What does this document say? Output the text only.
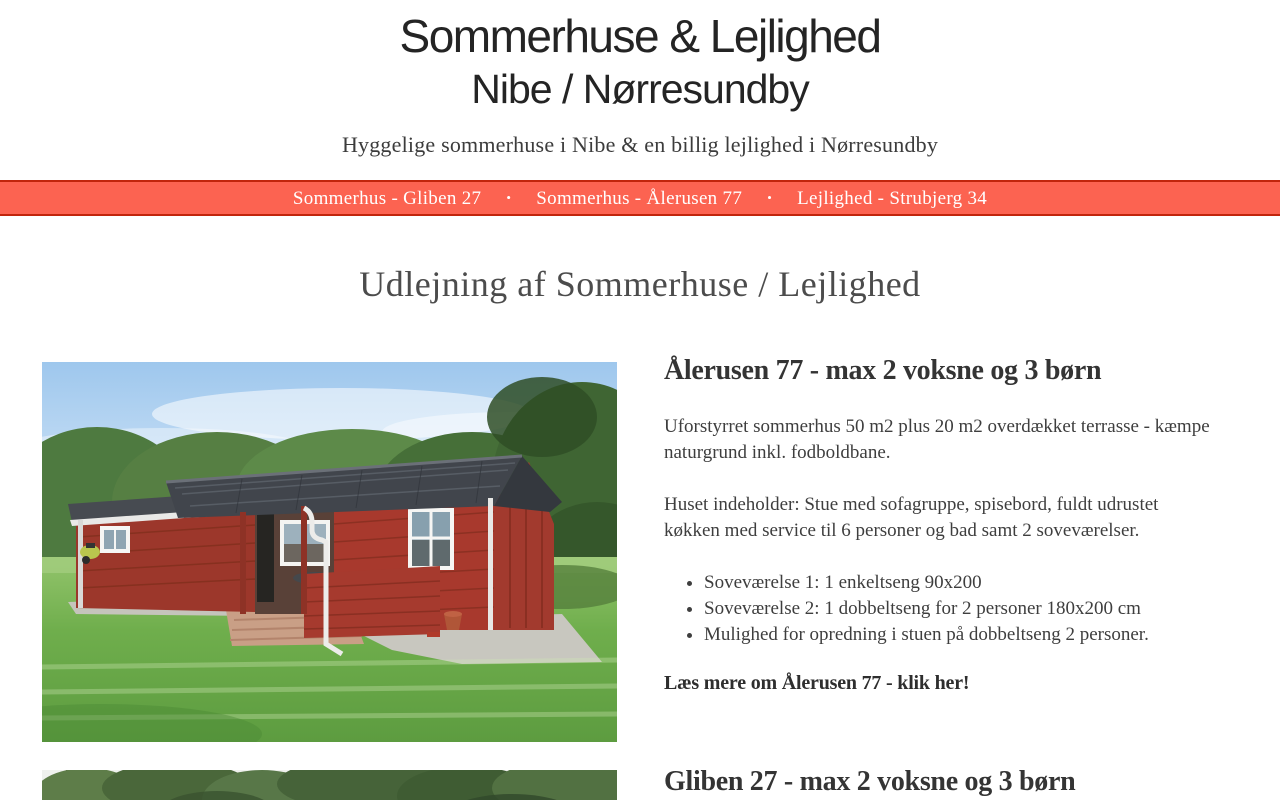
Sommerhuse & Lejlighed
Nibe / Nørresundby
Hyggelige sommerhuse i Nibe & en billig lejlighed i Nørresundby
Sommerhus - Gliben 27 • Sommerhus - Ålerusen 77 • Lejlighed - Strubjerg 34
Udlejning af Sommerhuse / Lejlighed
Ålerusen 77 - max 2 voksne og 3 børn

Uforstyrret sommerhus 50 m2 plus 20 m2 overdækket terrasse - kæmpe naturgrund inkl. fodboldbane.

Huset indeholder: Stue med sofagruppe, spisebord, fuldt udrustet køkken med service til 6 personer og bad samt 2 soveværelser.

• Soveværelse 1: 1 enkeltseng 90x200
• Soveværelse 2: 1 dobbeltseng for 2 personer 180x200 cm
• Mulighed for opredning i stuen på dobbeltseng 2 personer.
Læs mere om Ålerusen 77 - klik her!
Gliben 27 - max 2 voksne og 3 børn
